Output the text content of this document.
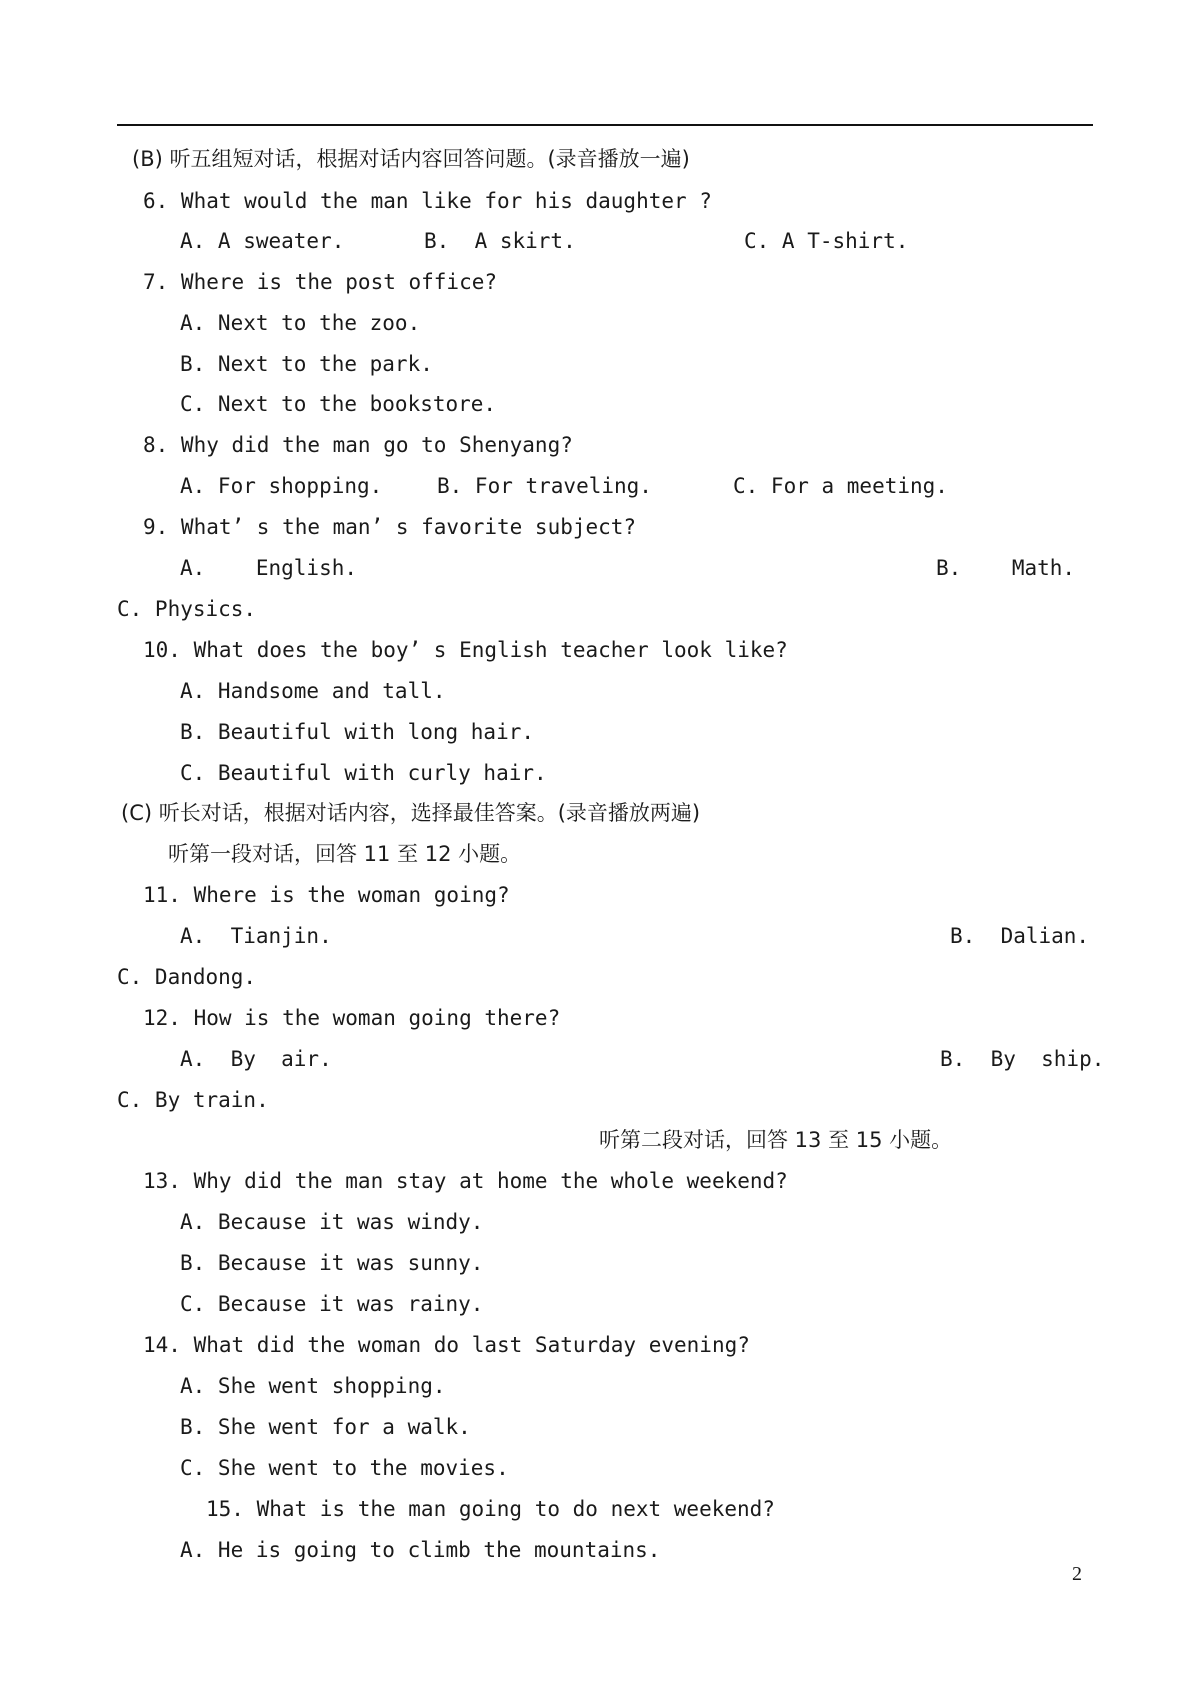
(B) 听五组短对话，根据对话内容回答问题。(录音播放一遍)
6. What would the man like for his daughter ?
A. A sweater.	B.  A skirt.	C. A T-shirt.
7. Where is the post office?
A. Next to the zoo.
B. Next to the park.
C. Next to the bookstore.
8. Why did the man go to Shenyang?
A. For shopping.	B. For traveling.	C. For a meeting.
9. What’ s the man’ s favorite subject?
A.    English.	B.    Math.
C. Physics.
10. What does the boy’ s English teacher look like?
A. Handsome and tall.
B. Beautiful with long hair.
C. Beautiful with curly hair.
(C) 听长对话，根据对话内容，选择最佳答案。(录音播放两遍)
听第一段对话，回答 11 至 12 小题。
11. Where is the woman going?
A.  Tianjin.	B.  Dalian.
C. Dandong.
12. How is the woman going there?
A.  By  air.	B.  By  ship.
C. By train.
听第二段对话，回答 13 至 15 小题。
13. Why did the man stay at home the whole weekend?
A. Because it was windy.
B. Because it was sunny.
C. Because it was rainy.
14. What did the woman do last Saturday evening?
A. She went shopping.
B. She went for a walk.
C. She went to the movies.
15. What is the man going to do next weekend?
A. He is going to climb the mountains.
2
